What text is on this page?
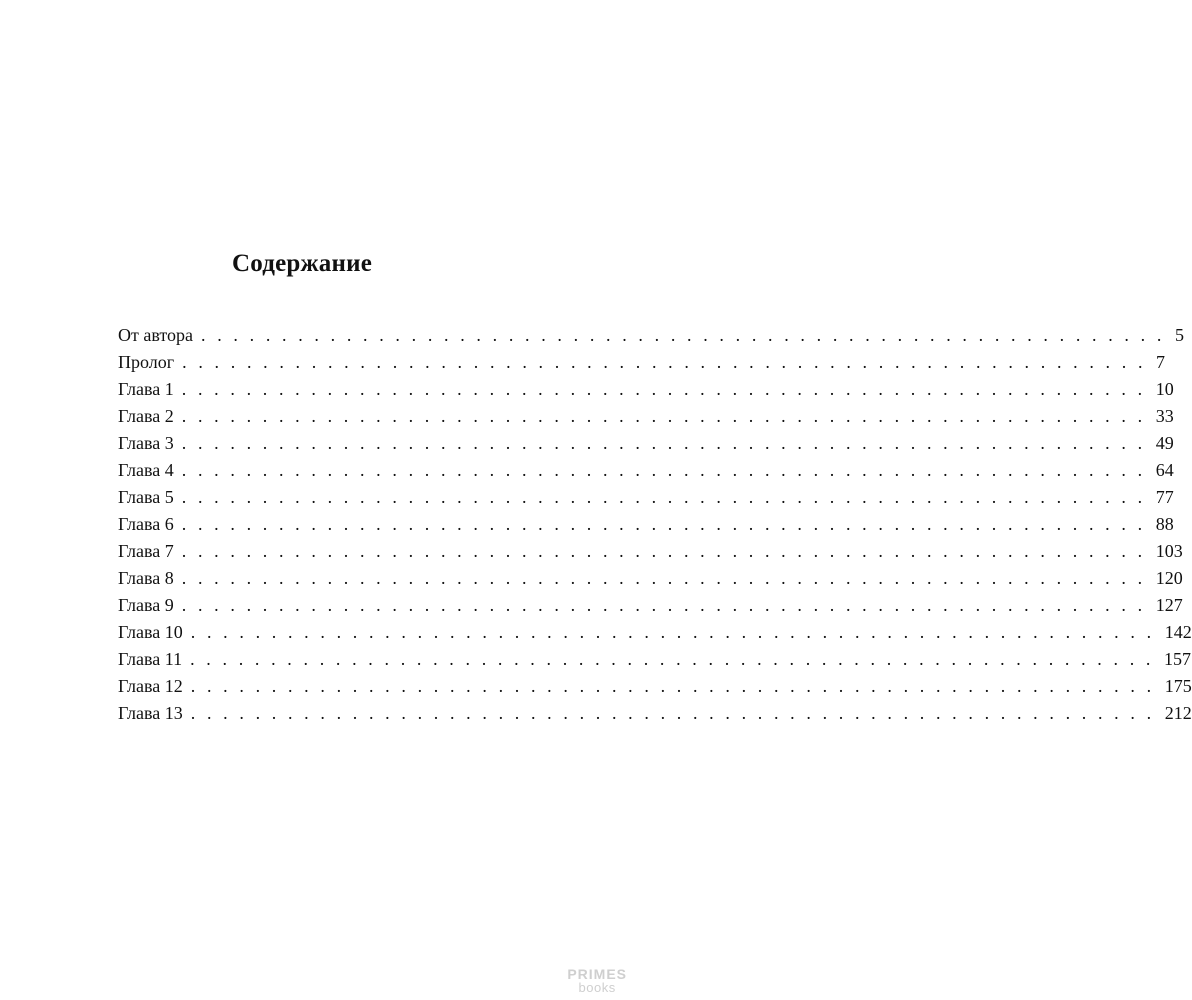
Содержание
От автора . . . . . . . . . . . . . . . . . . . . . . . . . . . . . . . . . . . . . . . . . . . . . . . . . . . . . . . . . . . . 5
Пролог . . . . . . . . . . . . . . . . . . . . . . . . . . . . . . . . . . . . . . . . . . . . . . . . . . . . . . . . . . . . 7
Глава 1 . . . . . . . . . . . . . . . . . . . . . . . . . . . . . . . . . . . . . . . . . . . . . . . . . . . . . . . . . . . . 10
Глава 2 . . . . . . . . . . . . . . . . . . . . . . . . . . . . . . . . . . . . . . . . . . . . . . . . . . . . . . . . . . . . 33
Глава 3 . . . . . . . . . . . . . . . . . . . . . . . . . . . . . . . . . . . . . . . . . . . . . . . . . . . . . . . . . . . . 49
Глава 4 . . . . . . . . . . . . . . . . . . . . . . . . . . . . . . . . . . . . . . . . . . . . . . . . . . . . . . . . . . . . 64
Глава 5 . . . . . . . . . . . . . . . . . . . . . . . . . . . . . . . . . . . . . . . . . . . . . . . . . . . . . . . . . . . . 77
Глава 6 . . . . . . . . . . . . . . . . . . . . . . . . . . . . . . . . . . . . . . . . . . . . . . . . . . . . . . . . . . . . 88
Глава 7 . . . . . . . . . . . . . . . . . . . . . . . . . . . . . . . . . . . . . . . . . . . . . . . . . . . . . . . . . . . . 103
Глава 8 . . . . . . . . . . . . . . . . . . . . . . . . . . . . . . . . . . . . . . . . . . . . . . . . . . . . . . . . . . . . 120
Глава 9 . . . . . . . . . . . . . . . . . . . . . . . . . . . . . . . . . . . . . . . . . . . . . . . . . . . . . . . . . . . . 127
Глава 10 . . . . . . . . . . . . . . . . . . . . . . . . . . . . . . . . . . . . . . . . . . . . . . . . . . . . . . . . . . . . 142
Глава 11 . . . . . . . . . . . . . . . . . . . . . . . . . . . . . . . . . . . . . . . . . . . . . . . . . . . . . . . . . . . . 157
Глава 12 . . . . . . . . . . . . . . . . . . . . . . . . . . . . . . . . . . . . . . . . . . . . . . . . . . . . . . . . . . . . 175
Глава 13 . . . . . . . . . . . . . . . . . . . . . . . . . . . . . . . . . . . . . . . . . . . . . . . . . . . . . . . . . . . . 212
PRIMES
books
